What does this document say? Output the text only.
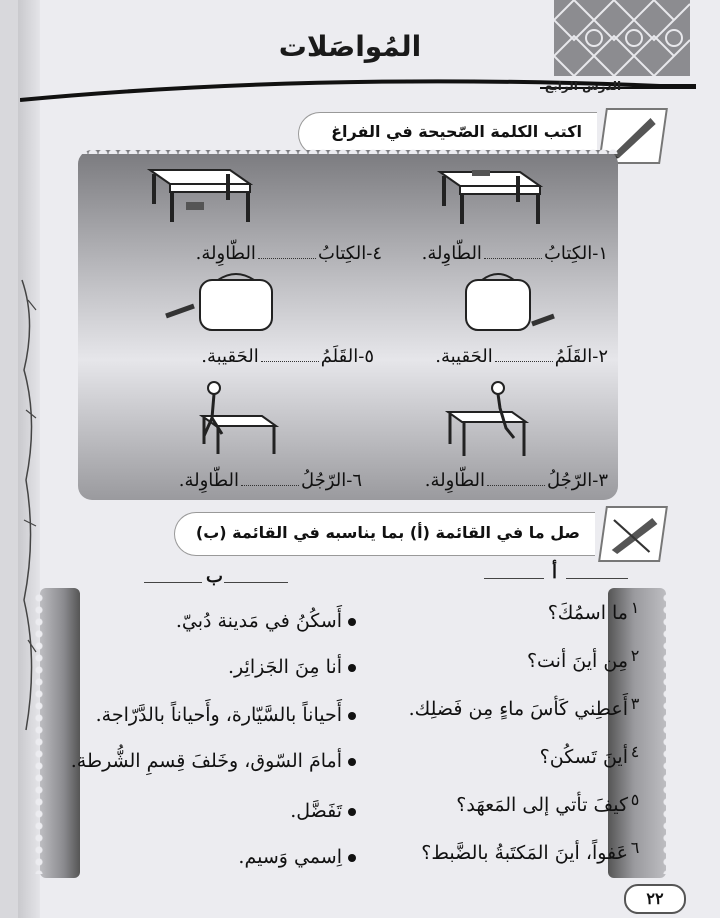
المُواصَلات
الدرس الرابع
اكتب الكلمة الصّحيحة في الفراغ
١-الكِتابُالطّاوِلة.
٤-الكِتابُالطّاوِلة.
٢-القَلَمُالحَقيبة.
٥-القَلَمُالحَقيبة.
٣-الرّجُلُالطّاوِلة.
٦-الرّجُلُالطّاوِلة.
صل ما في القائمة (أ) بما يناسبه في القائمة (ب)
أ
ب
١
٢
٣
٤
٥
٦
ما اسمُكَ؟
مِن أينَ أنت؟
أَعطِني كَأسَ ماءٍ مِن فَضلِك.
أينَ تَسكُن؟
كيفَ تأتي إلى المَعهَد؟
عَفواً، أينَ المَكتَبةُ بالضَّبط؟
أَسكُنُ في مَدينة دُبيّ.
أنا مِنَ الجَزائِر.
أَحياناً بالسَّيّارة، وأَحياناً بالدَّرّاجة.
أمامَ السّوق، وخَلفَ قِسمِ الشُّرطة.
تَفَضَّل.
اِسمي وَسيم.
٢٢
